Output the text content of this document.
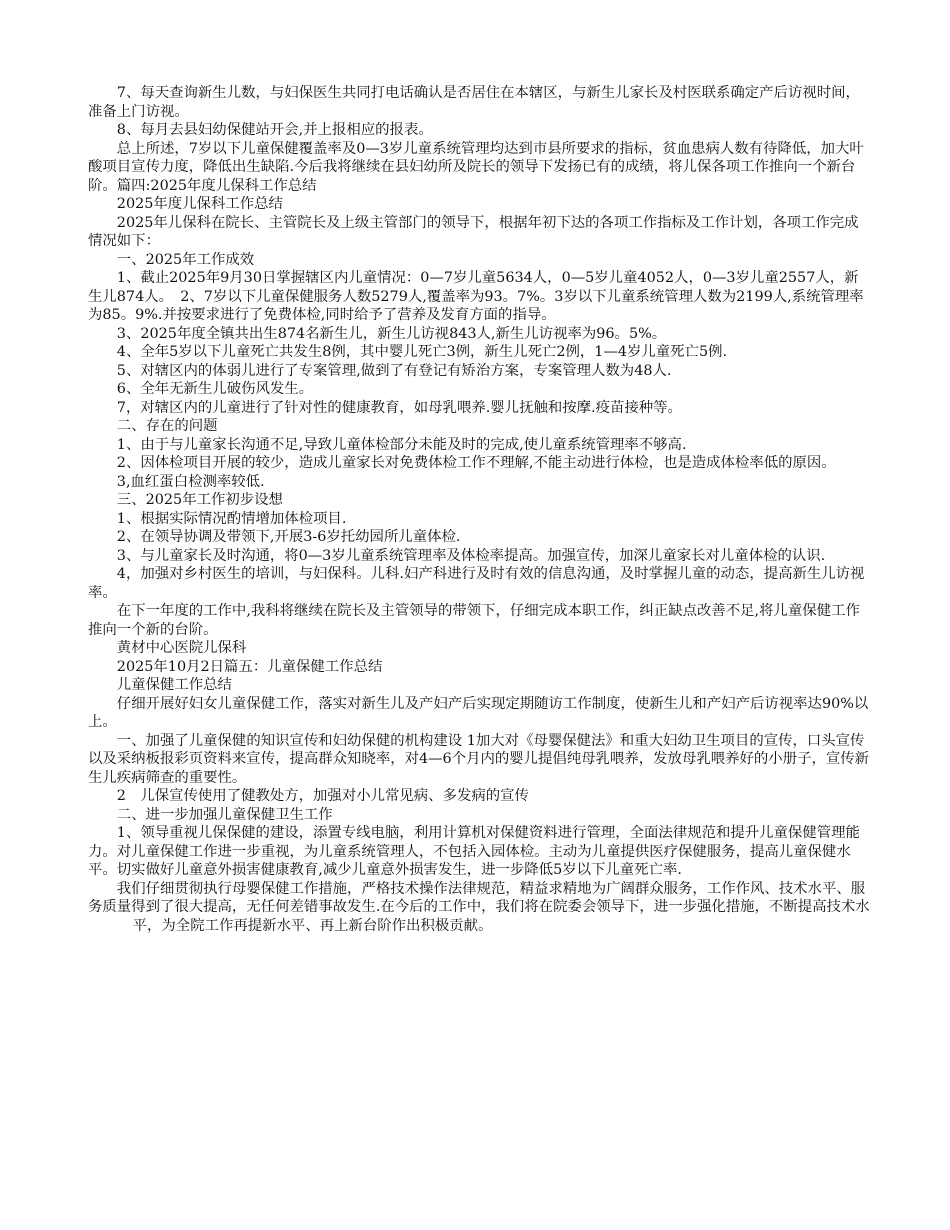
7、每天查询新生儿数，与妇保医生共同打电话确认是否居住在本辖区，与新生儿家长及村医联系确定产后访视时间，准备上门访视。

8、每月去县妇幼保健站开会,并上报相应的报表。

总上所述，7岁以下儿童保健覆盖率及0—3岁儿童系统管理均达到市县所要求的指标，贫血患病人数有待降低，加大叶酸项目宣传力度，降低出生缺陷.今后我将继续在县妇幼所及院长的领导下发扬已有的成绩，将儿保各项工作推向一个新台阶。篇四:2025年度儿保科工作总结

2025年度儿保科工作总结

2025年儿保科在院长、主管院长及上级主管部门的领导下，根据年初下达的各项工作指标及工作计划，各项工作完成情况如下：

一、2025年工作成效

1、截止2025年9月30日掌握辖区内儿童情况：0—7岁儿童5634人，0—5岁儿童4052人，0—3岁儿童2557人，新生儿874人。　2、7岁以下儿童保健服务人数5279人,覆盖率为93。7%。3岁以下儿童系统管理人数为2199人,系统管理率为85。9%.并按要求进行了免费体检,同时给予了营养及发育方面的指导。

3、2025年度全镇共出生874名新生儿，新生儿访视843人,新生儿访视率为96。5%。

4、全年5岁以下儿童死亡共发生8例，其中婴儿死亡3例，新生儿死亡2例，1—4岁儿童死亡5例.

5、对辖区内的体弱儿进行了专案管理,做到了有登记有矫治方案，专案管理人数为48人.

6、全年无新生儿破伤风发生。

7，对辖区内的儿童进行了针对性的健康教育，如母乳喂养.婴儿抚触和按摩.疫苗接种等。

二、存在的问题

1、由于与儿童家长沟通不足,导致儿童体检部分未能及时的完成,使儿童系统管理率不够高.

2、因体检项目开展的较少，造成儿童家长对免费体检工作不理解,不能主动进行体检，也是造成体检率低的原因。

3,血红蛋白检测率较低.

三、2025年工作初步设想

1、根据实际情况酌情增加体检项目.

2、在领导协调及带领下,开展3-6岁托幼园所儿童体检.

3、与儿童家长及时沟通，将0—3岁儿童系统管理率及体检率提高。加强宣传，加深儿童家长对儿童体检的认识.

4，加强对乡村医生的培训，与妇保科。儿科.妇产科进行及时有效的信息沟通，及时掌握儿童的动态，提高新生儿访视率。

在下一年度的工作中,我科将继续在院长及主管领导的带领下，仔细完成本职工作，纠正缺点改善不足,将儿童保健工作推向一个新的台阶。

黄材中心医院儿保科

2025年10月2日篇五：儿童保健工作总结

儿童保健工作总结

仔细开展好妇女儿童保健工作，落实对新生儿及产妇产后实现定期随访工作制度，使新生儿和产妇产后访视率达90%以上。

一、加强了儿童保健的知识宣传和妇幼保健的机构建设 1加大对《母婴保健法》和重大妇幼卫生项目的宣传，口头宣传以及采纳板报彩页资料来宣传，提高群众知晓率，对4—6个月内的婴儿提倡纯母乳喂养，发放母乳喂养好的小册子，宣传新生儿疾病筛查的重要性。

2　儿保宣传使用了健教处方，加强对小儿常见病、多发病的宣传

二、进一步加强儿童保健卫生工作

1、领导重视儿保保健的建设，添置专线电脑，利用计算机对保健资料进行管理，全面法律规范和提升儿童保健管理能力。对儿童保健工作进一步重视，为儿童系统管理人，不包括入园体检。主动为儿童提供医疗保健服务，提高儿童保健水平。切实做好儿童意外损害健康教育,减少儿童意外损害发生，进一步降低5岁以下儿童死亡率.

我们仔细贯彻执行母婴保健工作措施，严格技术操作法律规范，精益求精地为广阔群众服务，工作作风、技术水平、服务质量得到了很大提高，无任何差错事故发生.在今后的工作中，我们将在院委会领导下，进一步强化措施，不断提高技术水

平，为全院工作再提新水平、再上新台阶作出积极贡献。
